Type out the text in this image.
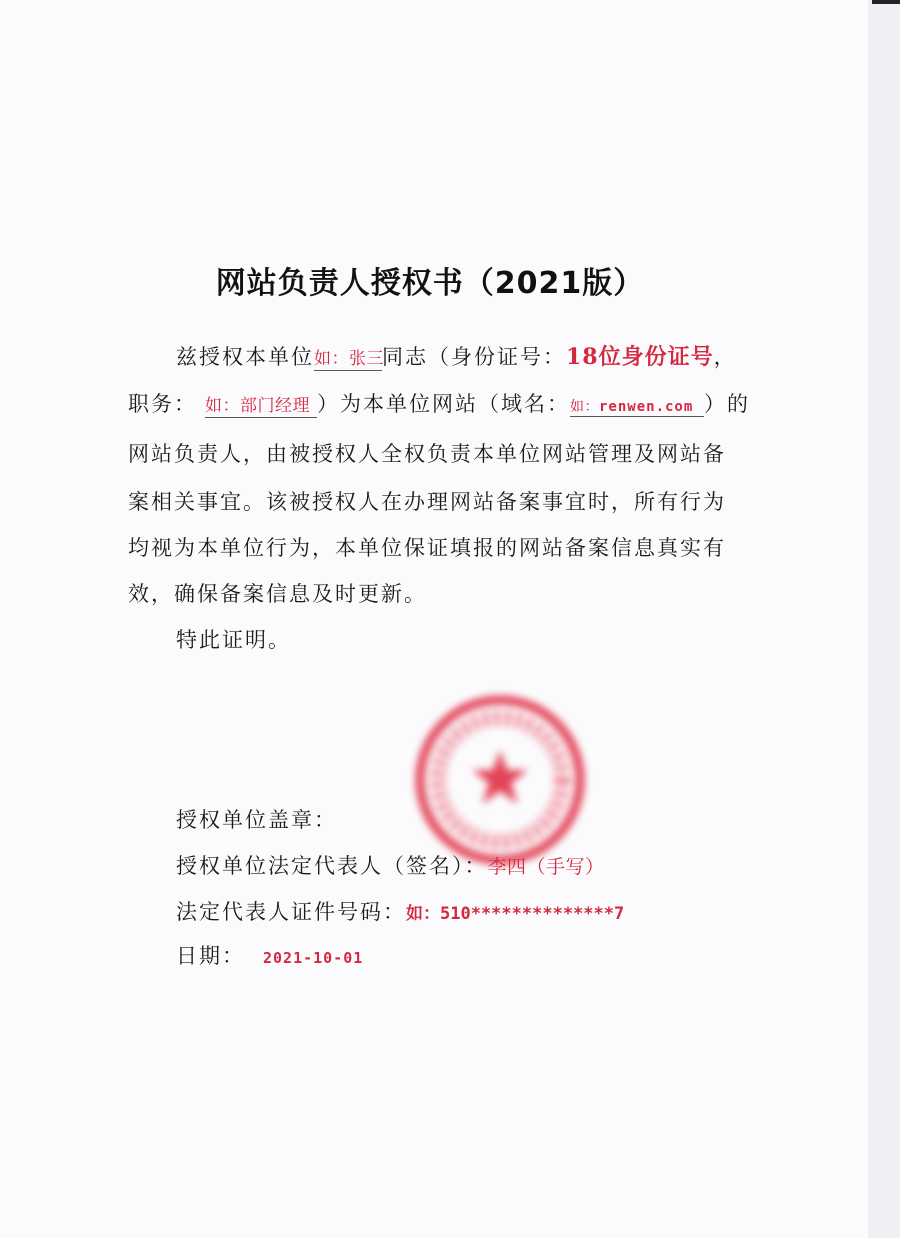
网站负责人授权书（2021版）
兹授权本单位如：张三同志（身份证号：18位身份证号，
职务： 如：部门经理 ）为本单位网站（域名：如：renwen.com ）的
网站负责人，由被授权人全权负责本单位网站管理及网站备
案相关事宜。该被授权人在办理网站备案事宜时，所有行为
均视为本单位行为，本单位保证填报的网站备案信息真实有
效，确保备案信息及时更新。
特此证明。
授权单位盖章：
授权单位法定代表人（签名）：李四（手写）
法定代表人证件号码：如：510**************7
日期： 2021-10-01
